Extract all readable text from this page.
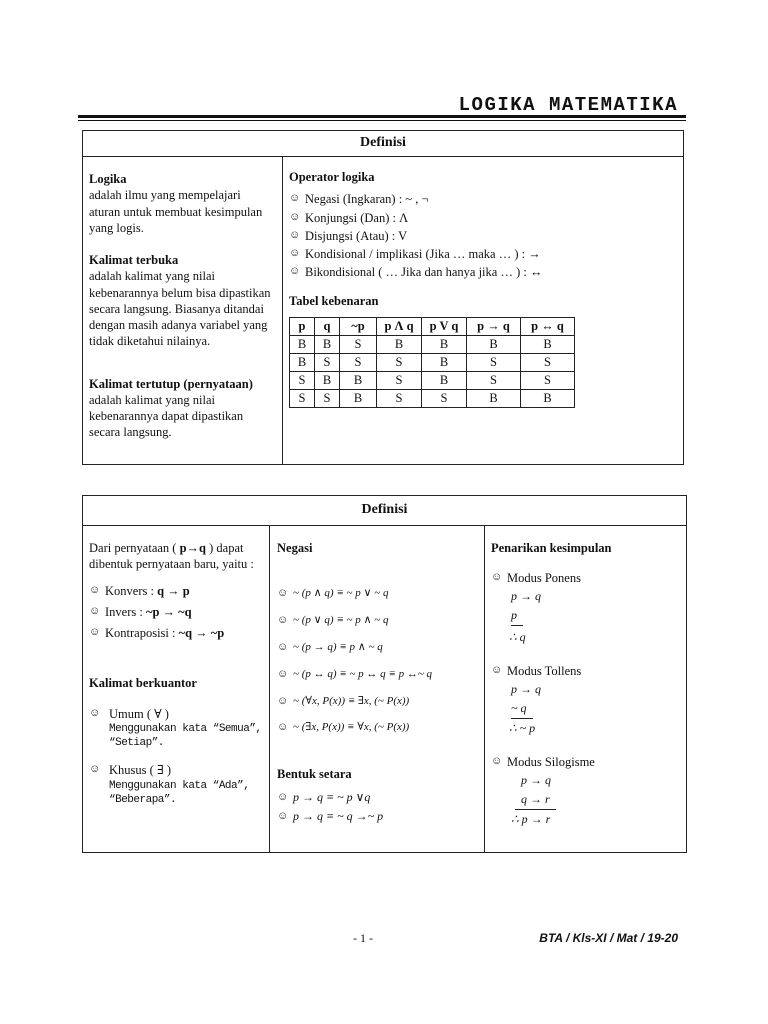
LOGIKA MATEMATIKA
Definisi
Logika
adalah ilmu yang mempelajari aturan untuk membuat kesimpulan yang logis.
Kalimat terbuka
adalah kalimat yang nilai kebenarannya belum bisa dipastikan secara langsung. Biasanya ditandai dengan masih adanya variabel yang tidak diketahui nilainya.
Kalimat tertutup (pernyataan)
adalah kalimat yang nilai kebenarannya dapat dipastikan secara langsung.
Operator logika
☺ Negasi (Ingkaran) : ~ , ¬
☺ Konjungsi (Dan) : Λ
☺ Disjungsi (Atau) : V
☺ Kondisional / implikasi (Jika … maka … ) : →
☺ Bikondisional ( … Jika dan hanya jika … ) : ↔
Tabel kebenaran
p	q	~p	p Λ q	p V q	p → q	p ↔ q
B	B	S	B	B	B	B
B	S	S	S	B	S	S
S	B	B	S	B	S	S
S	S	B	S	S	B	B
Definisi
Dari pernyataan ( p→q ) dapat dibentuk pernyataan baru, yaitu :
☺ Konvers : q → p
☺ Invers : ~p → ~q
☺ Kontraposisi : ~q → ~p
Kalimat berkuantor
☺ Umum ( ∀ )
Menggunakan kata “Semua”, “Setiap”.
☺ Khusus ( ∃ )
Menggunakan kata “Ada”, “Beberapa”.
Negasi
☺ ~ (p ∧ q) ≡ ~ p ∨ ~ q
☺ ~ (p ∨ q) ≡ ~ p ∧ ~ q
☺ ~ (p → q) ≡ p ∧ ~ q
☺ ~ (p ↔ q) ≡ ~ p ↔ q ≡ p ↔~ q
☺ ~ (∀x, P(x)) ≡ ∃x, (~ P(x))
☺ ~ (∃x, P(x)) ≡ ∀x, (~ P(x))
Bentuk setara
☺ p → q ≡ ~ p ∨q
☺ p → q ≡ ~ q →~ p
Penarikan kesimpulan
☺ Modus Ponens
p → q
p
∴ q
☺ Modus Tollens
p → q
~ q
∴ ~ p
☺ Modus Silogisme
p → q
q → r
∴ p → r
- 1 -	BTA / Kls-XI / Mat / 19-20
